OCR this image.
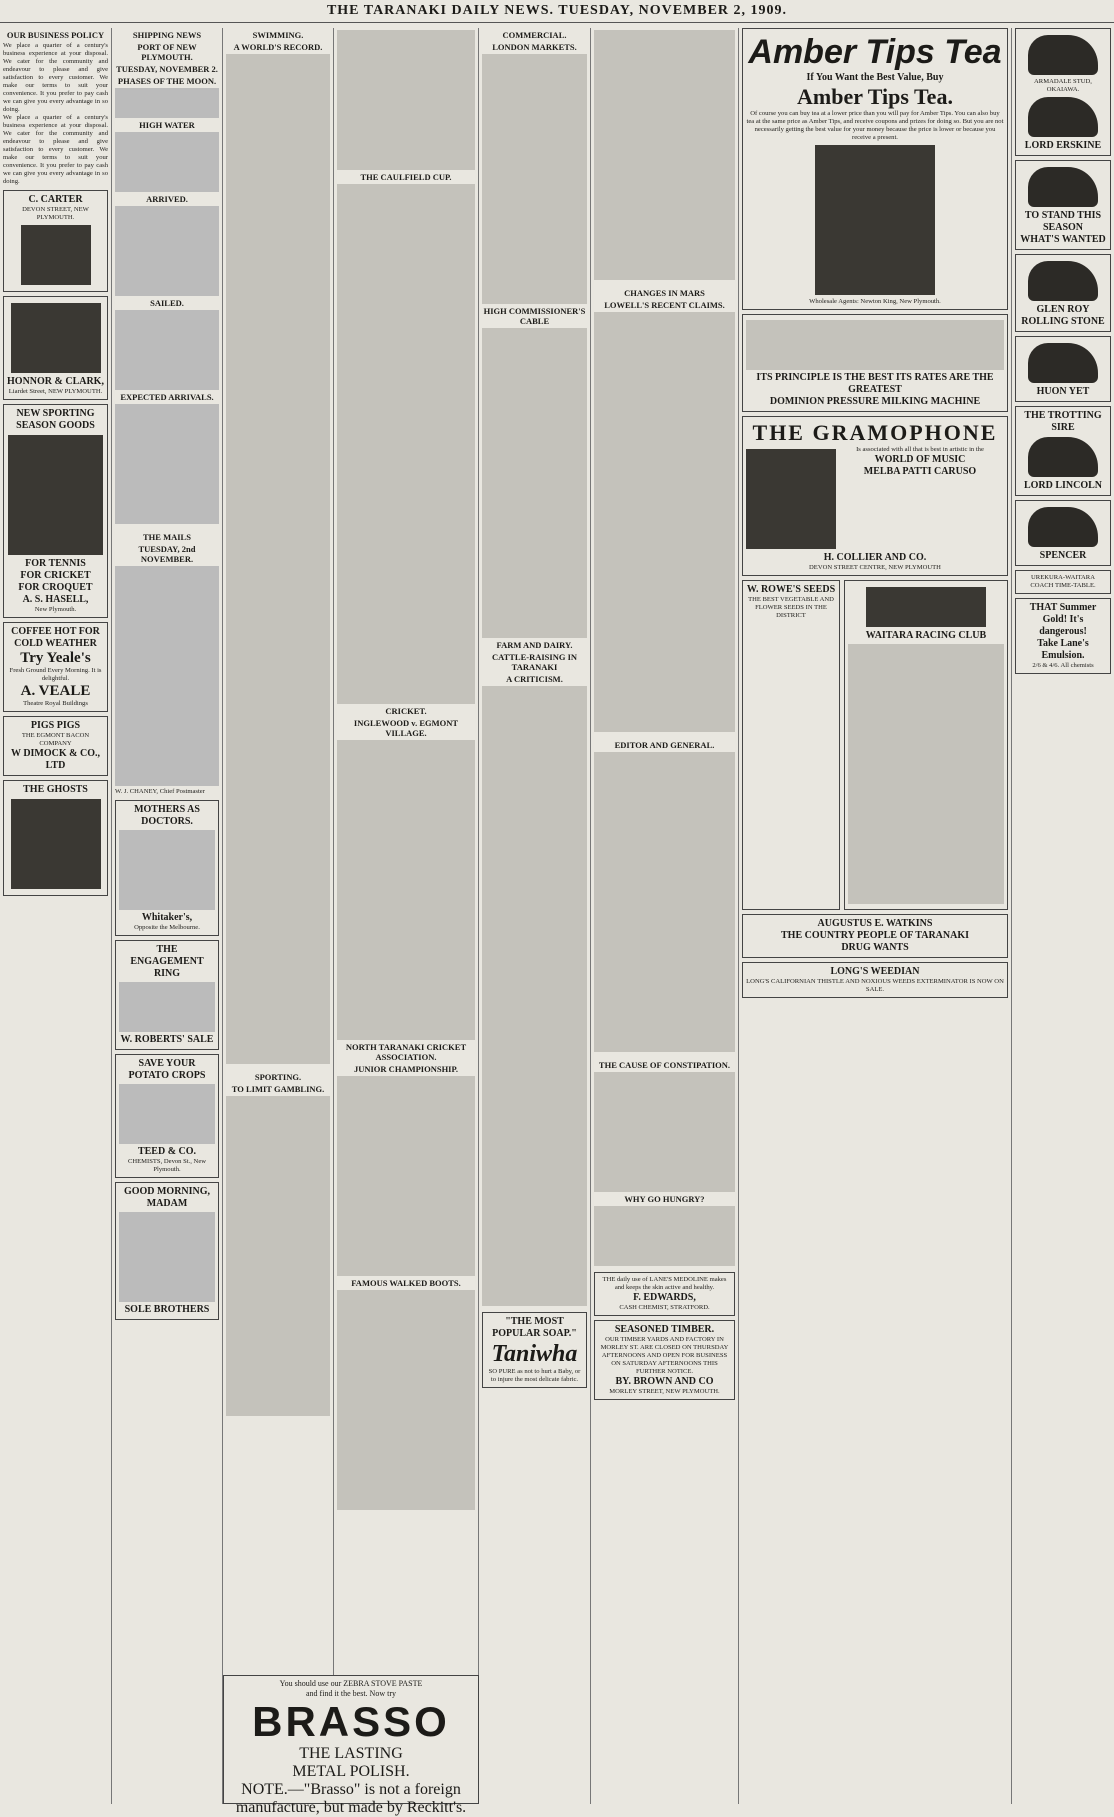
THE TARANAKI DAILY NEWS. TUESDAY, NOVEMBER 2, 1909.
OUR BUSINESS POLICY
We place a quarter of a century's business experience at your disposal. We cater for the community and endeavour to please and give satisfaction to every customer. We make our terms to suit your convenience. It you prefer to pay cash we can give you every advantage in so doing.
We place a quarter of a century's business experience at your disposal. We cater for the community and endeavour to please and give satisfaction to every customer. We make our terms to suit your convenience. It you prefer to pay cash we can give you every advantage in so doing.
C. CARTER
DEVON STREET, NEW PLYMOUTH.
HONNOR & CLARK,
Liardet Street, NEW PLYMOUTH.
NEW SPORTING SEASON GOODS
FOR TENNIS
FOR CRICKET
FOR CROQUET
A. S. HASELL,
New Plymouth.
COFFEE HOT FOR COLD WEATHER
Try Yeale's
Fresh Ground Every Morning. It is delightful.
A. VEALE
Theatre Royal Buildings
PIGS PIGS
THE EGMONT BACON COMPANY
W DIMOCK & CO., LTD
THE GHOSTS
SHIPPING NEWS
PORT OF NEW PLYMOUTH.
TUESDAY, NOVEMBER 2.
PHASES OF THE MOON.
HIGH WATER
ARRIVED.
SAILED.
EXPECTED ARRIVALS.
THE MAILS
TUESDAY, 2nd NOVEMBER.
W. J. CHANEY, Chief Postmaster
MOTHERS AS DOCTORS.
Whitaker's,
Opposite the Melbourne.
THE ENGAGEMENT RING
W. ROBERTS' SALE
SAVE YOUR POTATO CROPS
TEED & CO.
CHEMISTS, Devon St., New Plymouth.
GOOD MORNING, MADAM
SOLE BROTHERS
SWIMMING.
A WORLD'S RECORD.
SPORTING.
TO LIMIT GAMBLING.
THE CAULFIELD CUP.
CRICKET.
INGLEWOOD v. EGMONT VILLAGE.
NORTH TARANAKI CRICKET ASSOCIATION.
JUNIOR CHAMPIONSHIP.
FAMOUS WALKED BOOTS.
COMMERCIAL.
LONDON MARKETS.
HIGH COMMISSIONER'S CABLE
FARM AND DAIRY.
CATTLE-RAISING IN TARANAKI
A CRITICISM.
"THE MOST POPULAR SOAP."
Taniwha
SO PURE as not to hurt a Baby, or to injure the most delicate fabric.
CHANGES IN MARS
LOWELL'S RECENT CLAIMS.
EDITOR AND GENERAL.
THE CAUSE OF CONSTIPATION.
WHY GO HUNGRY?
THE daily use of LANE'S MEDOLINE makes and keeps the skin active and healthy.
F. EDWARDS,
CASH CHEMIST, STRATFORD.
SEASONED TIMBER.
OUR TIMBER YARDS AND FACTORY IN MORLEY ST. ARE CLOSED ON THURSDAY AFTERNOONS AND OPEN FOR BUSINESS ON SATURDAY AFTERNOONS THIS FURTHER NOTICE.
BY. BROWN AND CO
MORLEY STREET, NEW PLYMOUTH.
Amber Tips Tea
If You Want the Best Value, Buy
Amber Tips Tea.
Of course you can buy tea at a lower price than you will pay for Amber Tips. You can also buy tea at the same price as Amber Tips, and receive coupons and prizes for doing so. But you are not necessarily getting the best value for your money because the price is lower or because you receive a present.
Wholesale Agents: Newton King, New Plymouth.
ITS PRINCIPLE IS THE BEST ITS RATES ARE THE GREATEST
DOMINION PRESSURE MILKING MACHINE
THE GRAMOPHONE
Is associated with all that is best in artistic in the
WORLD OF MUSIC
MELBA PATTI CARUSO
H. COLLIER AND CO.
DEVON STREET CENTRE, NEW PLYMOUTH
W. ROWE'S SEEDS
THE BEST VEGETABLE AND FLOWER SEEDS IN THE DISTRICT
WAITARA RACING CLUB
AUGUSTUS E. WATKINS
THE COUNTRY PEOPLE OF TARANAKI
DRUG WANTS
LONG'S WEEDIAN
LONG'S CALIFORNIAN THISTLE AND NOXIOUS WEEDS EXTERMINATOR IS NOW ON SALE.
ARMADALE STUD, OKAIAWA.
LORD ERSKINE
TO STAND THIS SEASON
WHAT'S WANTED
GLEN ROY
ROLLING STONE
HUON YET
THE TROTTING SIRE
LORD LINCOLN
SPENCER
UREKURA-WAITARA COACH TIME-TABLE.
THAT Summer Gold! It's dangerous!
Take Lane's Emulsion.
2/6 & 4/6. All chemists
You should use our ZEBRA STOVE PASTE
and find it the best. Now try
BRASSO
THE LASTING
METAL POLISH.
NOTE.—"Brasso" is not a foreign manufacture, but made by Reckitt's.
